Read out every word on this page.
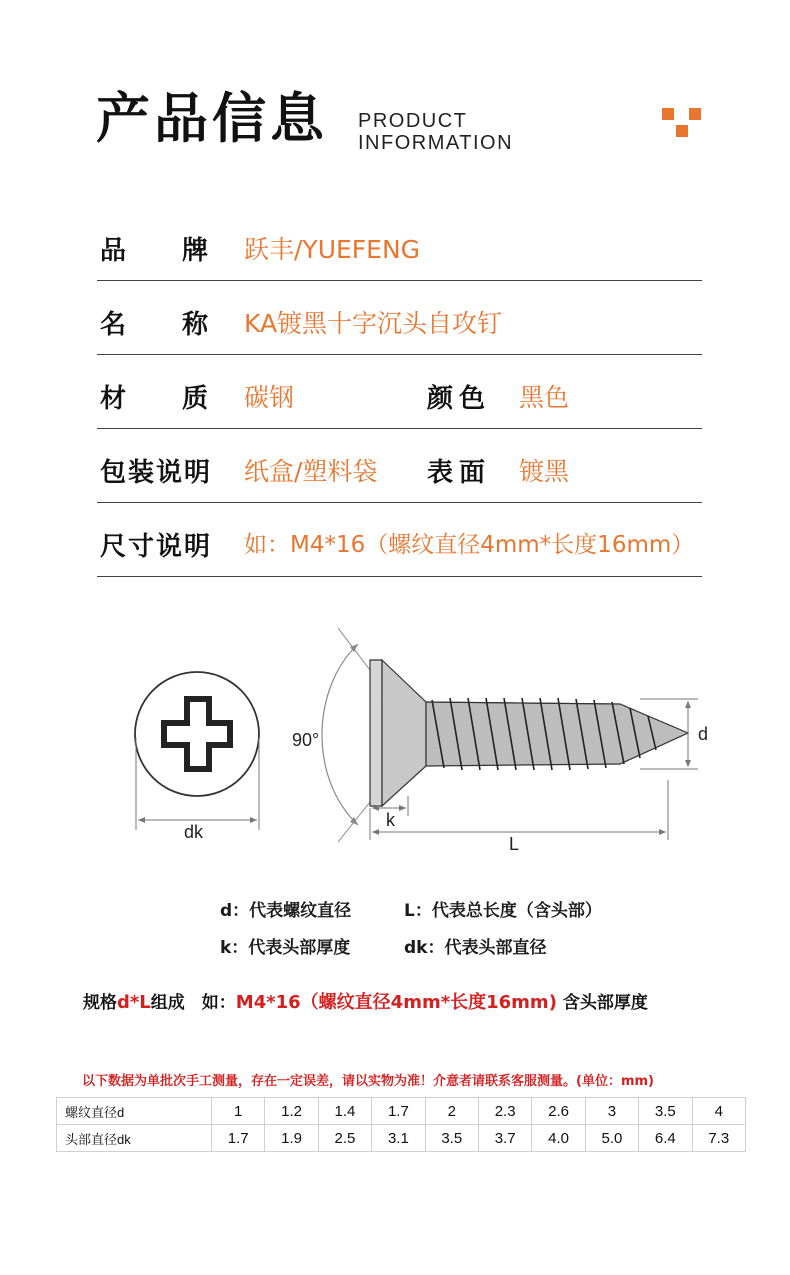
产品信息 PRODUCT
INFORMATION
品 牌 跃丰/YUEFENG
名 称 KA镀黑十字沉头自攻钉
材 质 碳钢	颜色 黑色
包装说明 纸盒/塑料袋 表面 镀黑
尺寸说明 如：M4*16（螺纹直径4mm*长度16mm）
dk
90°	d
k
L
d：代表螺纹直径	L：代表总长度（含头部）
k：代表头部厚度	dk：代表头部直径
规格d*L组成　如：M4*16（螺纹直径4mm*长度16mm) 含头部厚度
以下数据为单批次手工测量，存在一定误差，请以实物为准！介意者请联系客服测量。(单位：mm)
螺纹直径d	1	1.2	1.4	1.7	2	2.3	2.6	3	3.5	4
头部直径dk	1.7	1.9	2.5	3.1	3.5	3.7	4.0	5.0	6.4	7.3
